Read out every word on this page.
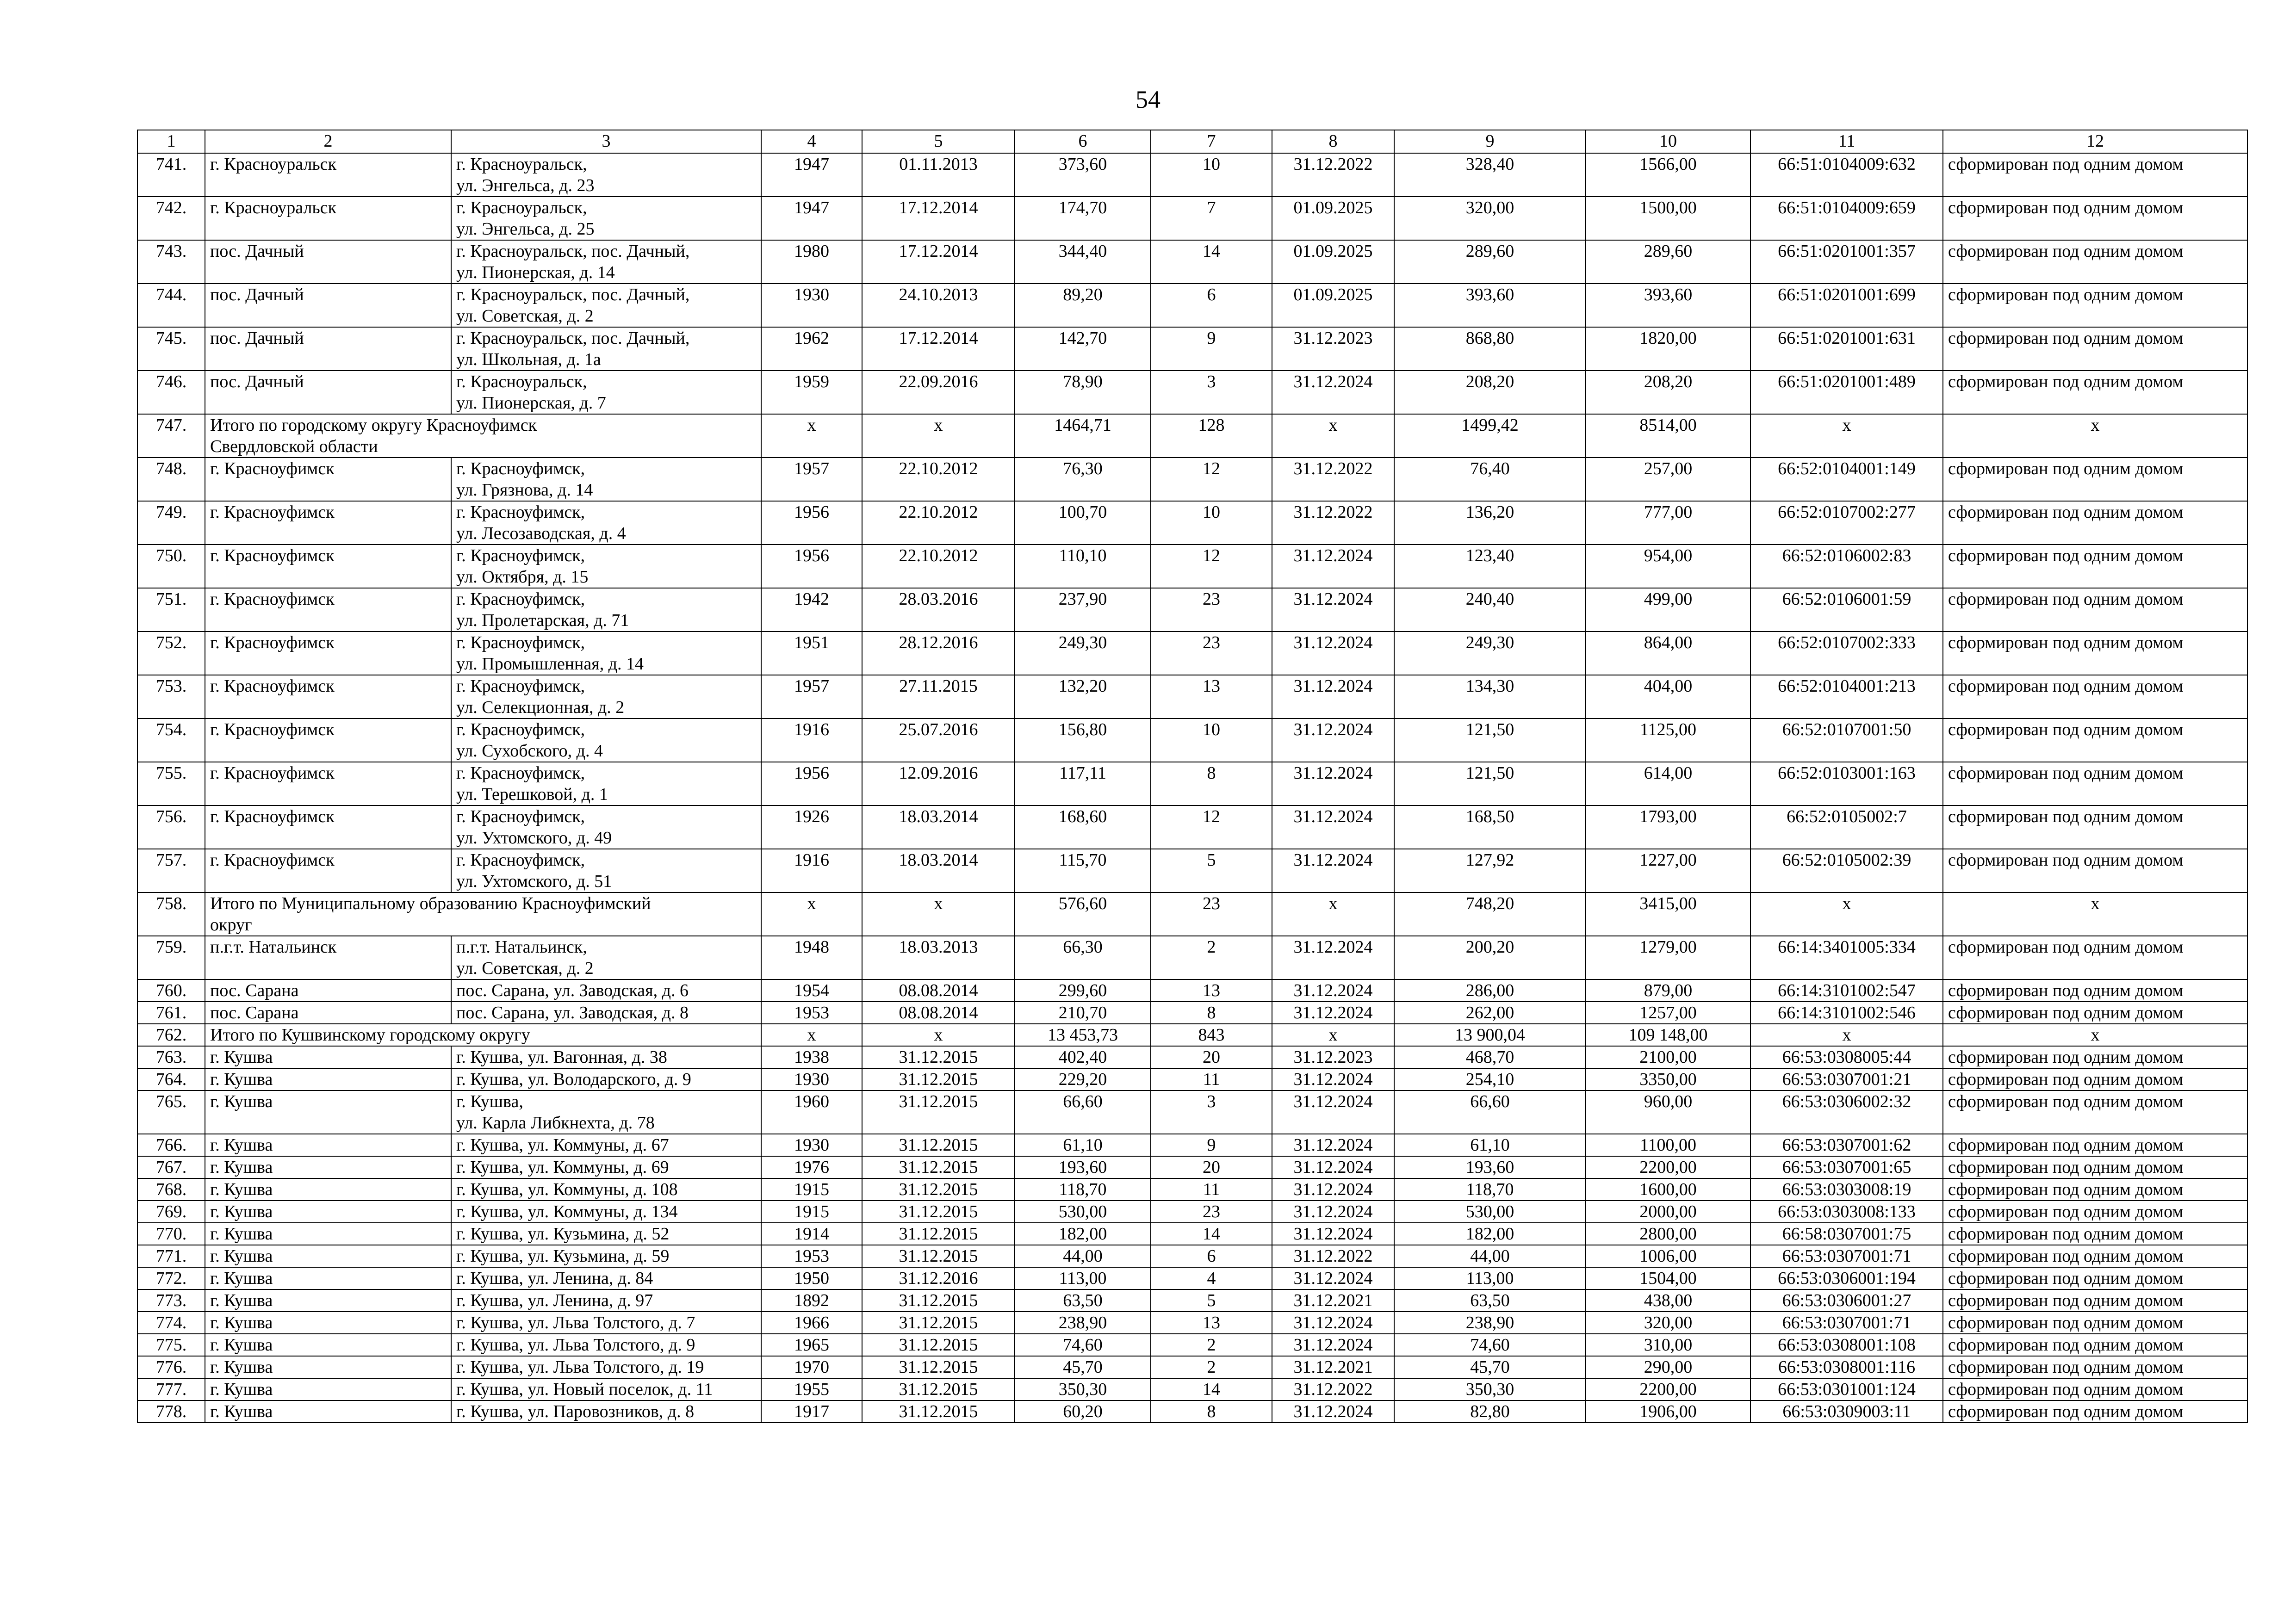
54
1	2	3	4	5	6	7	8	9	10	11	12
741.	г. Красноуральск	г. Красноуральск,
ул. Энгельса, д. 23	1947	01.11.2013	373,60	10	31.12.2022	328,40	1566,00	66:51:0104009:632	сформирован под одним домом
742.	г. Красноуральск	г. Красноуральск,
ул. Энгельса, д. 25	1947	17.12.2014	174,70	7	01.09.2025	320,00	1500,00	66:51:0104009:659	сформирован под одним домом
743.	пос. Дачный	г. Красноуральск, пос. Дачный,
ул. Пионерская, д. 14	1980	17.12.2014	344,40	14	01.09.2025	289,60	289,60	66:51:0201001:357	сформирован под одним домом
744.	пос. Дачный	г. Красноуральск, пос. Дачный,
ул. Советская, д. 2	1930	24.10.2013	89,20	6	01.09.2025	393,60	393,60	66:51:0201001:699	сформирован под одним домом
745.	пос. Дачный	г. Красноуральск, пос. Дачный,
ул. Школьная, д. 1а	1962	17.12.2014	142,70	9	31.12.2023	868,80	1820,00	66:51:0201001:631	сформирован под одним домом
746.	пос. Дачный	г. Красноуральск,
ул. Пионерская, д. 7	1959	22.09.2016	78,90	3	31.12.2024	208,20	208,20	66:51:0201001:489	сформирован под одним домом
747.	Итого по городскому округу Красноуфимск
Свердловской области		х	х	1464,71	128	х	1499,42	8514,00	х	х
748.	г. Красноуфимск	г. Красноуфимск,
ул. Грязнова, д. 14	1957	22.10.2012	76,30	12	31.12.2022	76,40	257,00	66:52:0104001:149	сформирован под одним домом
749.	г. Красноуфимск	г. Красноуфимск,
ул. Лесозаводская, д. 4	1956	22.10.2012	100,70	10	31.12.2022	136,20	777,00	66:52:0107002:277	сформирован под одним домом
750.	г. Красноуфимск	г. Красноуфимск,
ул. Октября, д. 15	1956	22.10.2012	110,10	12	31.12.2024	123,40	954,00	66:52:0106002:83	сформирован под одним домом
751.	г. Красноуфимск	г. Красноуфимск,
ул. Пролетарская, д. 71	1942	28.03.2016	237,90	23	31.12.2024	240,40	499,00	66:52:0106001:59	сформирован под одним домом
752.	г. Красноуфимск	г. Красноуфимск,
ул. Промышленная, д. 14	1951	28.12.2016	249,30	23	31.12.2024	249,30	864,00	66:52:0107002:333	сформирован под одним домом
753.	г. Красноуфимск	г. Красноуфимск,
ул. Селекционная, д. 2	1957	27.11.2015	132,20	13	31.12.2024	134,30	404,00	66:52:0104001:213	сформирован под одним домом
754.	г. Красноуфимск	г. Красноуфимск,
ул. Сухобского, д. 4	1916	25.07.2016	156,80	10	31.12.2024	121,50	1125,00	66:52:0107001:50	сформирован под одним домом
755.	г. Красноуфимск	г. Красноуфимск,
ул. Терешковой, д. 1	1956	12.09.2016	117,11	8	31.12.2024	121,50	614,00	66:52:0103001:163	сформирован под одним домом
756.	г. Красноуфимск	г. Красноуфимск,
ул. Ухтомского, д. 49	1926	18.03.2014	168,60	12	31.12.2024	168,50	1793,00	66:52:0105002:7	сформирован под одним домом
757.	г. Красноуфимск	г. Красноуфимск,
ул. Ухтомского, д. 51	1916	18.03.2014	115,70	5	31.12.2024	127,92	1227,00	66:52:0105002:39	сформирован под одним домом
758.	Итого по Муниципальному образованию Красноуфимский
округ		х	х	576,60	23	х	748,20	3415,00	х	х
759.	п.г.т. Натальинск	п.г.т. Натальинск,
ул. Советская, д. 2	1948	18.03.2013	66,30	2	31.12.2024	200,20	1279,00	66:14:3401005:334	сформирован под одним домом
760.	пос. Сарана	пос. Сарана, ул. Заводская, д. 6	1954	08.08.2014	299,60	13	31.12.2024	286,00	879,00	66:14:3101002:547	сформирован под одним домом
761.	пос. Сарана	пос. Сарана, ул. Заводская, д. 8	1953	08.08.2014	210,70	8	31.12.2024	262,00	1257,00	66:14:3101002:546	сформирован под одним домом
762.	Итого по Кушвинскому городскому округу		х	х	13 453,73	843	х	13 900,04	109 148,00	х	х
763.	г. Кушва	г. Кушва, ул. Вагонная, д. 38	1938	31.12.2015	402,40	20	31.12.2023	468,70	2100,00	66:53:0308005:44	сформирован под одним домом
764.	г. Кушва	г. Кушва, ул. Володарского, д. 9	1930	31.12.2015	229,20	11	31.12.2024	254,10	3350,00	66:53:0307001:21	сформирован под одним домом
765.	г. Кушва	г. Кушва,
ул. Карла Либкнехта, д. 78	1960	31.12.2015	66,60	3	31.12.2024	66,60	960,00	66:53:0306002:32	сформирован под одним домом
766.	г. Кушва	г. Кушва, ул. Коммуны, д. 67	1930	31.12.2015	61,10	9	31.12.2024	61,10	1100,00	66:53:0307001:62	сформирован под одним домом
767.	г. Кушва	г. Кушва, ул. Коммуны, д. 69	1976	31.12.2015	193,60	20	31.12.2024	193,60	2200,00	66:53:0307001:65	сформирован под одним домом
768.	г. Кушва	г. Кушва, ул. Коммуны, д. 108	1915	31.12.2015	118,70	11	31.12.2024	118,70	1600,00	66:53:0303008:19	сформирован под одним домом
769.	г. Кушва	г. Кушва, ул. Коммуны, д. 134	1915	31.12.2015	530,00	23	31.12.2024	530,00	2000,00	66:53:0303008:133	сформирован под одним домом
770.	г. Кушва	г. Кушва, ул. Кузьмина, д. 52	1914	31.12.2015	182,00	14	31.12.2024	182,00	2800,00	66:58:0307001:75	сформирован под одним домом
771.	г. Кушва	г. Кушва, ул. Кузьмина, д. 59	1953	31.12.2015	44,00	6	31.12.2022	44,00	1006,00	66:53:0307001:71	сформирован под одним домом
772.	г. Кушва	г. Кушва, ул. Ленина, д. 84	1950	31.12.2016	113,00	4	31.12.2024	113,00	1504,00	66:53:0306001:194	сформирован под одним домом
773.	г. Кушва	г. Кушва, ул. Ленина, д. 97	1892	31.12.2015	63,50	5	31.12.2021	63,50	438,00	66:53:0306001:27	сформирован под одним домом
774.	г. Кушва	г. Кушва, ул. Льва Толстого, д. 7	1966	31.12.2015	238,90	13	31.12.2024	238,90	320,00	66:53:0307001:71	сформирован под одним домом
775.	г. Кушва	г. Кушва, ул. Льва Толстого, д. 9	1965	31.12.2015	74,60	2	31.12.2024	74,60	310,00	66:53:0308001:108	сформирован под одним домом
776.	г. Кушва	г. Кушва, ул. Льва Толстого, д. 19	1970	31.12.2015	45,70	2	31.12.2021	45,70	290,00	66:53:0308001:116	сформирован под одним домом
777.	г. Кушва	г. Кушва, ул. Новый поселок, д. 11	1955	31.12.2015	350,30	14	31.12.2022	350,30	2200,00	66:53:0301001:124	сформирован под одним домом
778.	г. Кушва	г. Кушва, ул. Паровозников, д. 8	1917	31.12.2015	60,20	8	31.12.2024	82,80	1906,00	66:53:0309003:11	сформирован под одним домом
